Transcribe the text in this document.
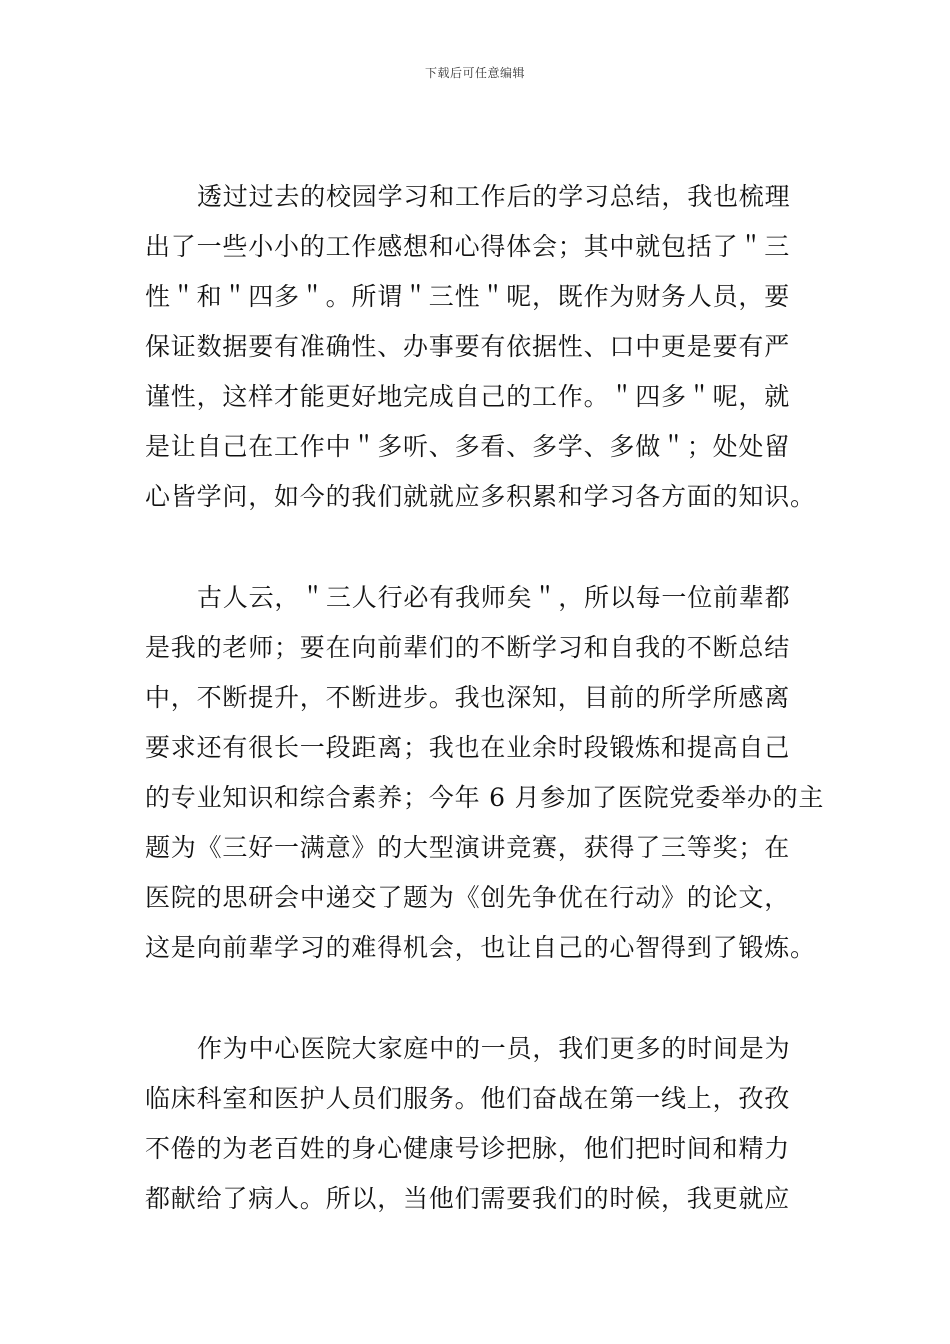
下载后可任意编辑
透过过去的校园学习和工作后的学习总结，我也梳理
出了一些小小的工作感想和心得体会；其中就包括了＂三
性＂和＂四多＂。所谓＂三性＂呢，既作为财务人员，要
保证数据要有准确性、办事要有依据性、口中更是要有严
谨性，这样才能更好地完成自己的工作。＂四多＂呢，就
是让自己在工作中＂多听、多看、多学、多做＂；处处留
心皆学问，如今的我们就就应多积累和学习各方面的知识。
古人云，＂三人行必有我师矣＂，所以每一位前辈都
是我的老师；要在向前辈们的不断学习和自我的不断总结
中，不断提升，不断进步。我也深知，目前的所学所感离
要求还有很长一段距离；我也在业余时段锻炼和提高自己
的专业知识和综合素养；今年 6 月参加了医院党委举办的主
题为《三好一满意》的大型演讲竞赛，获得了三等奖；在
医院的思研会中递交了题为《创先争优在行动》的论文，
这是向前辈学习的难得机会，也让自己的心智得到了锻炼。
作为中心医院大家庭中的一员，我们更多的时间是为
临床科室和医护人员们服务。他们奋战在第一线上，孜孜
不倦的为老百姓的身心健康号诊把脉，他们把时间和精力
都献给了病人。所以，当他们需要我们的时候，我更就应
